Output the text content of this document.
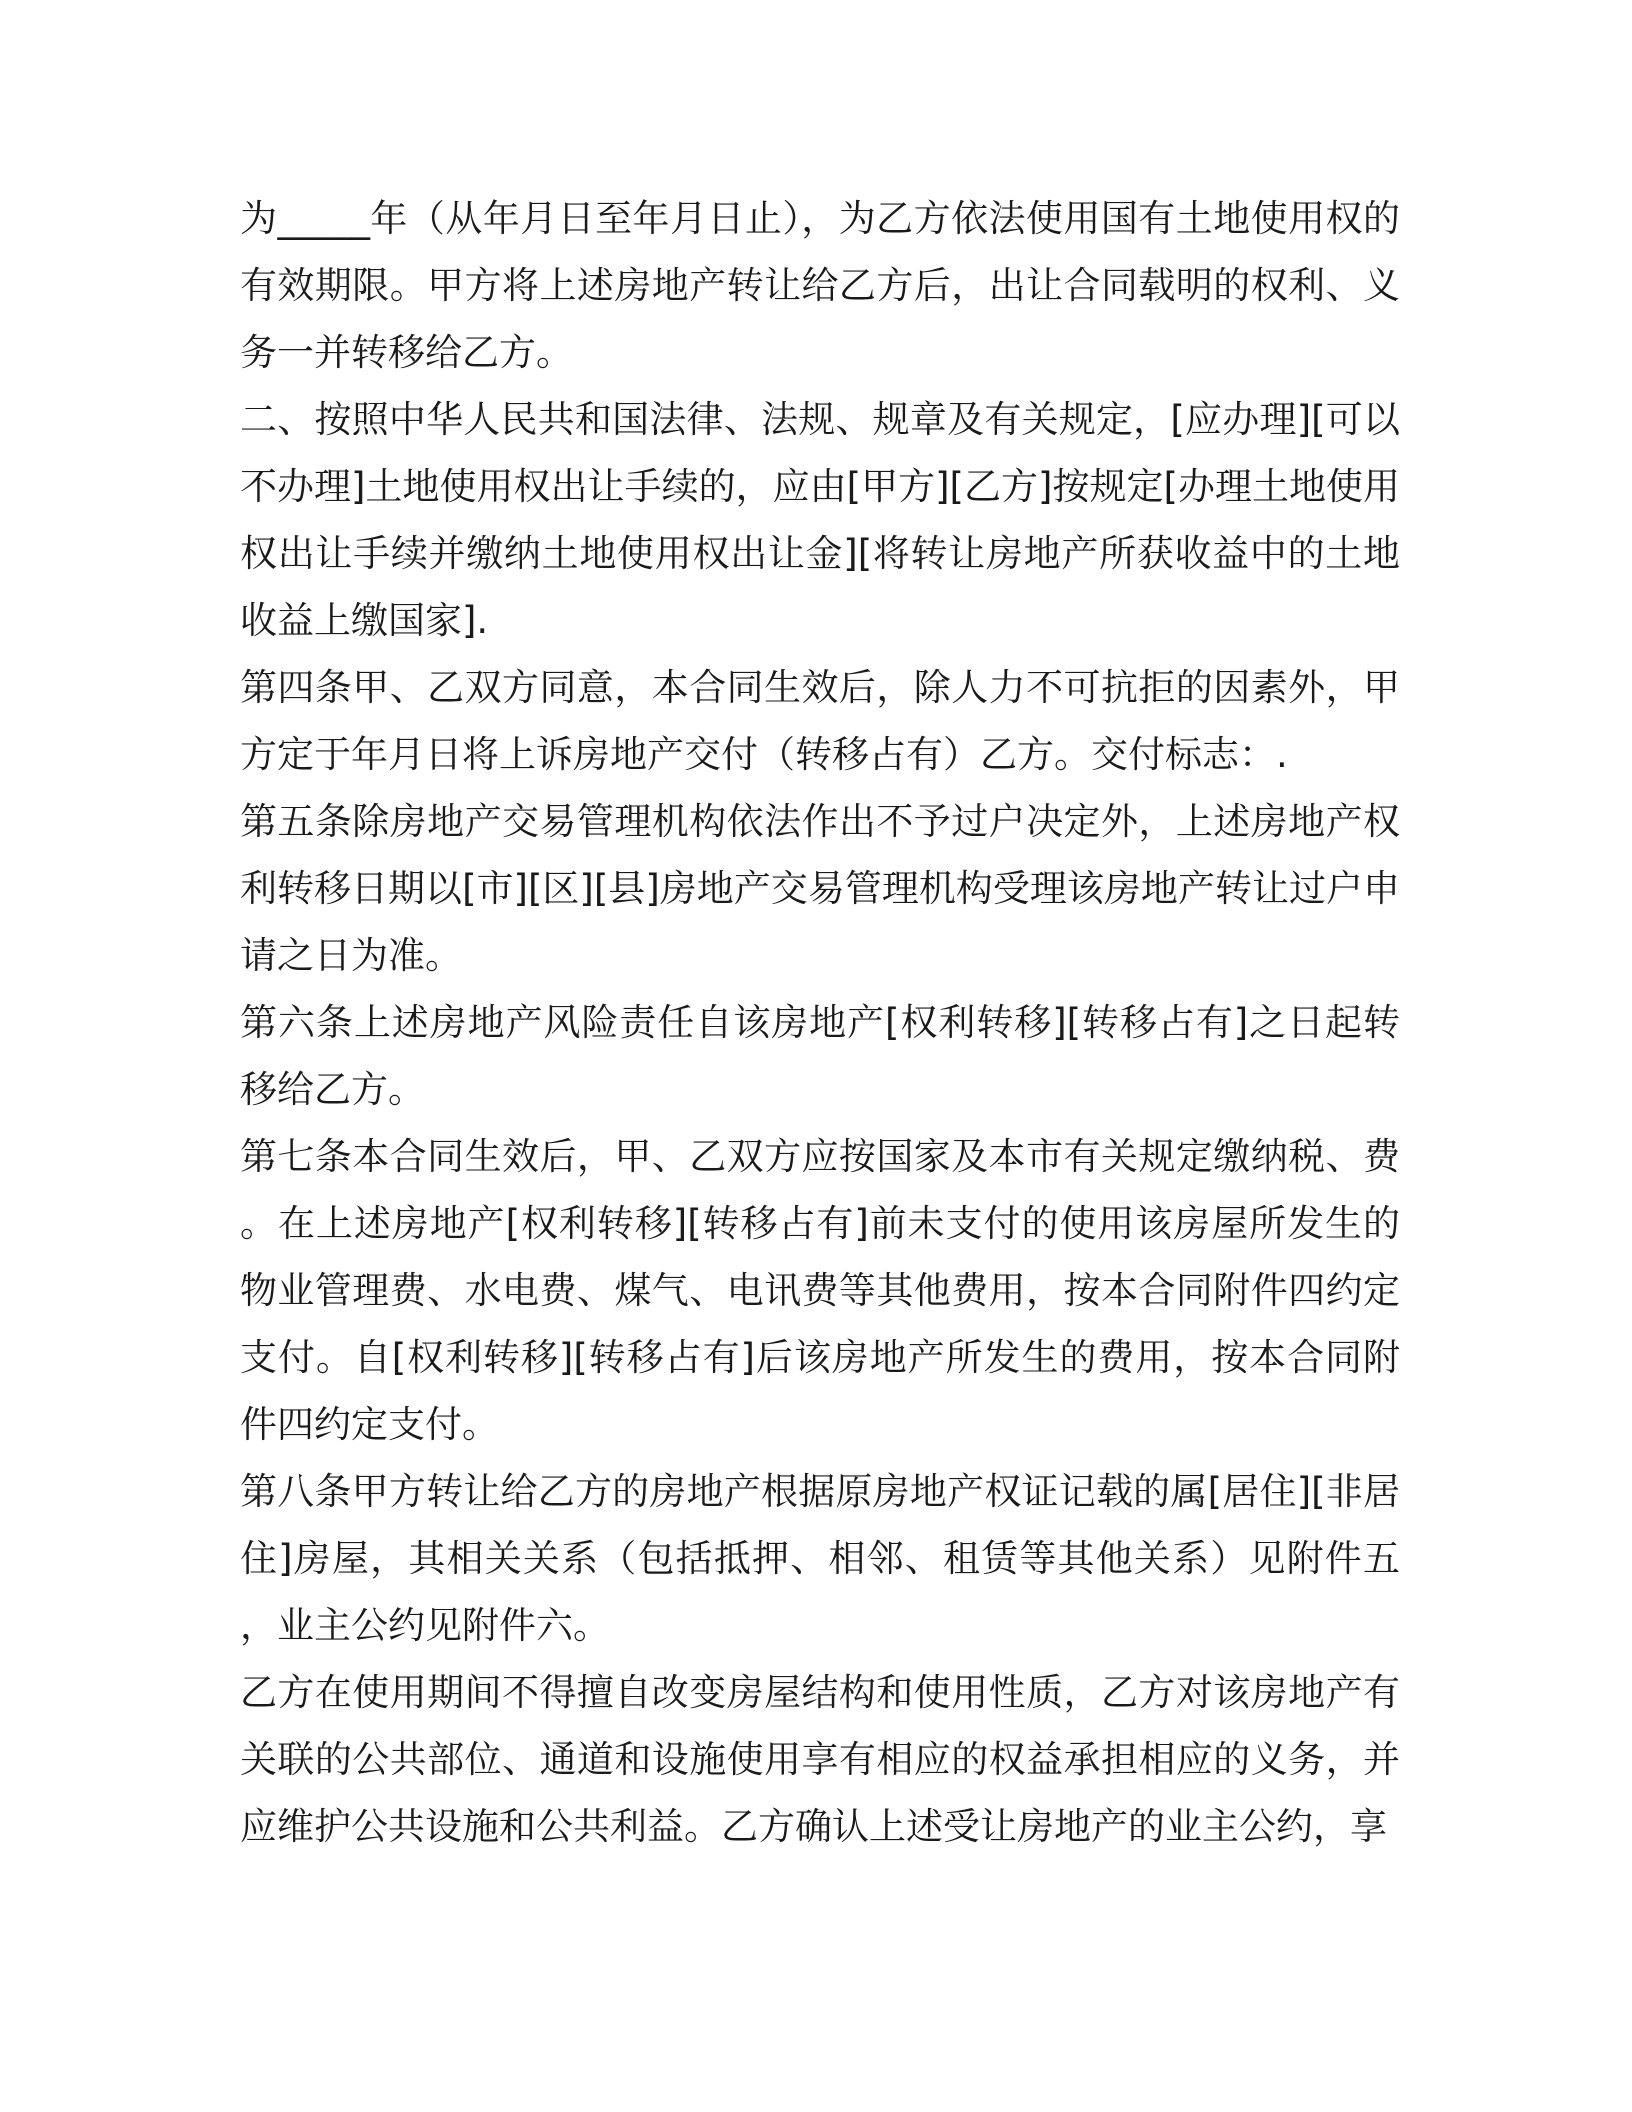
为_____年（从年月日至年月日止），为乙方依法使用国有土地使用权的有效期限。甲方将上述房地产转让给乙方后，出让合同载明的权利、义务一并转移给乙方。

二、按照中华人民共和国法律、法规、规章及有关规定，[应办理][可以不办理]土地使用权出让手续的，应由[甲方][乙方]按规定[办理土地使用权出让手续并缴纳土地使用权出让金][将转让房地产所获收益中的土地收益上缴国家].

第四条甲、乙双方同意，本合同生效后，除人力不可抗拒的因素外，甲方定于年月日将上诉房地产交付（转移占有）乙方。交付标志：.

第五条除房地产交易管理机构依法作出不予过户决定外，上述房地产权利转移日期以[市][区][县]房地产交易管理机构受理该房地产转让过户申请之日为准。

第六条上述房地产风险责任自该房地产[权利转移][转移占有]之日起转移给乙方。

第七条本合同生效后，甲、乙双方应按国家及本市有关规定缴纳税、费。在上述房地产[权利转移][转移占有]前未支付的使用该房屋所发生的物业管理费、水电费、煤气、电讯费等其他费用，按本合同附件四约定支付。自[权利转移][转移占有]后该房地产所发生的费用，按本合同附件四约定支付。

第八条甲方转让给乙方的房地产根据原房地产权证记载的属[居住][非居住]房屋，其相关关系（包括抵押、相邻、租赁等其他关系）见附件五，业主公约见附件六。

乙方在使用期间不得擅自改变房屋结构和使用性质，乙方对该房地产有关联的公共部位、通道和设施使用享有相应的权益承担相应的义务，并应维护公共设施和公共利益。乙方确认上述受让房地产的业主公约，享
